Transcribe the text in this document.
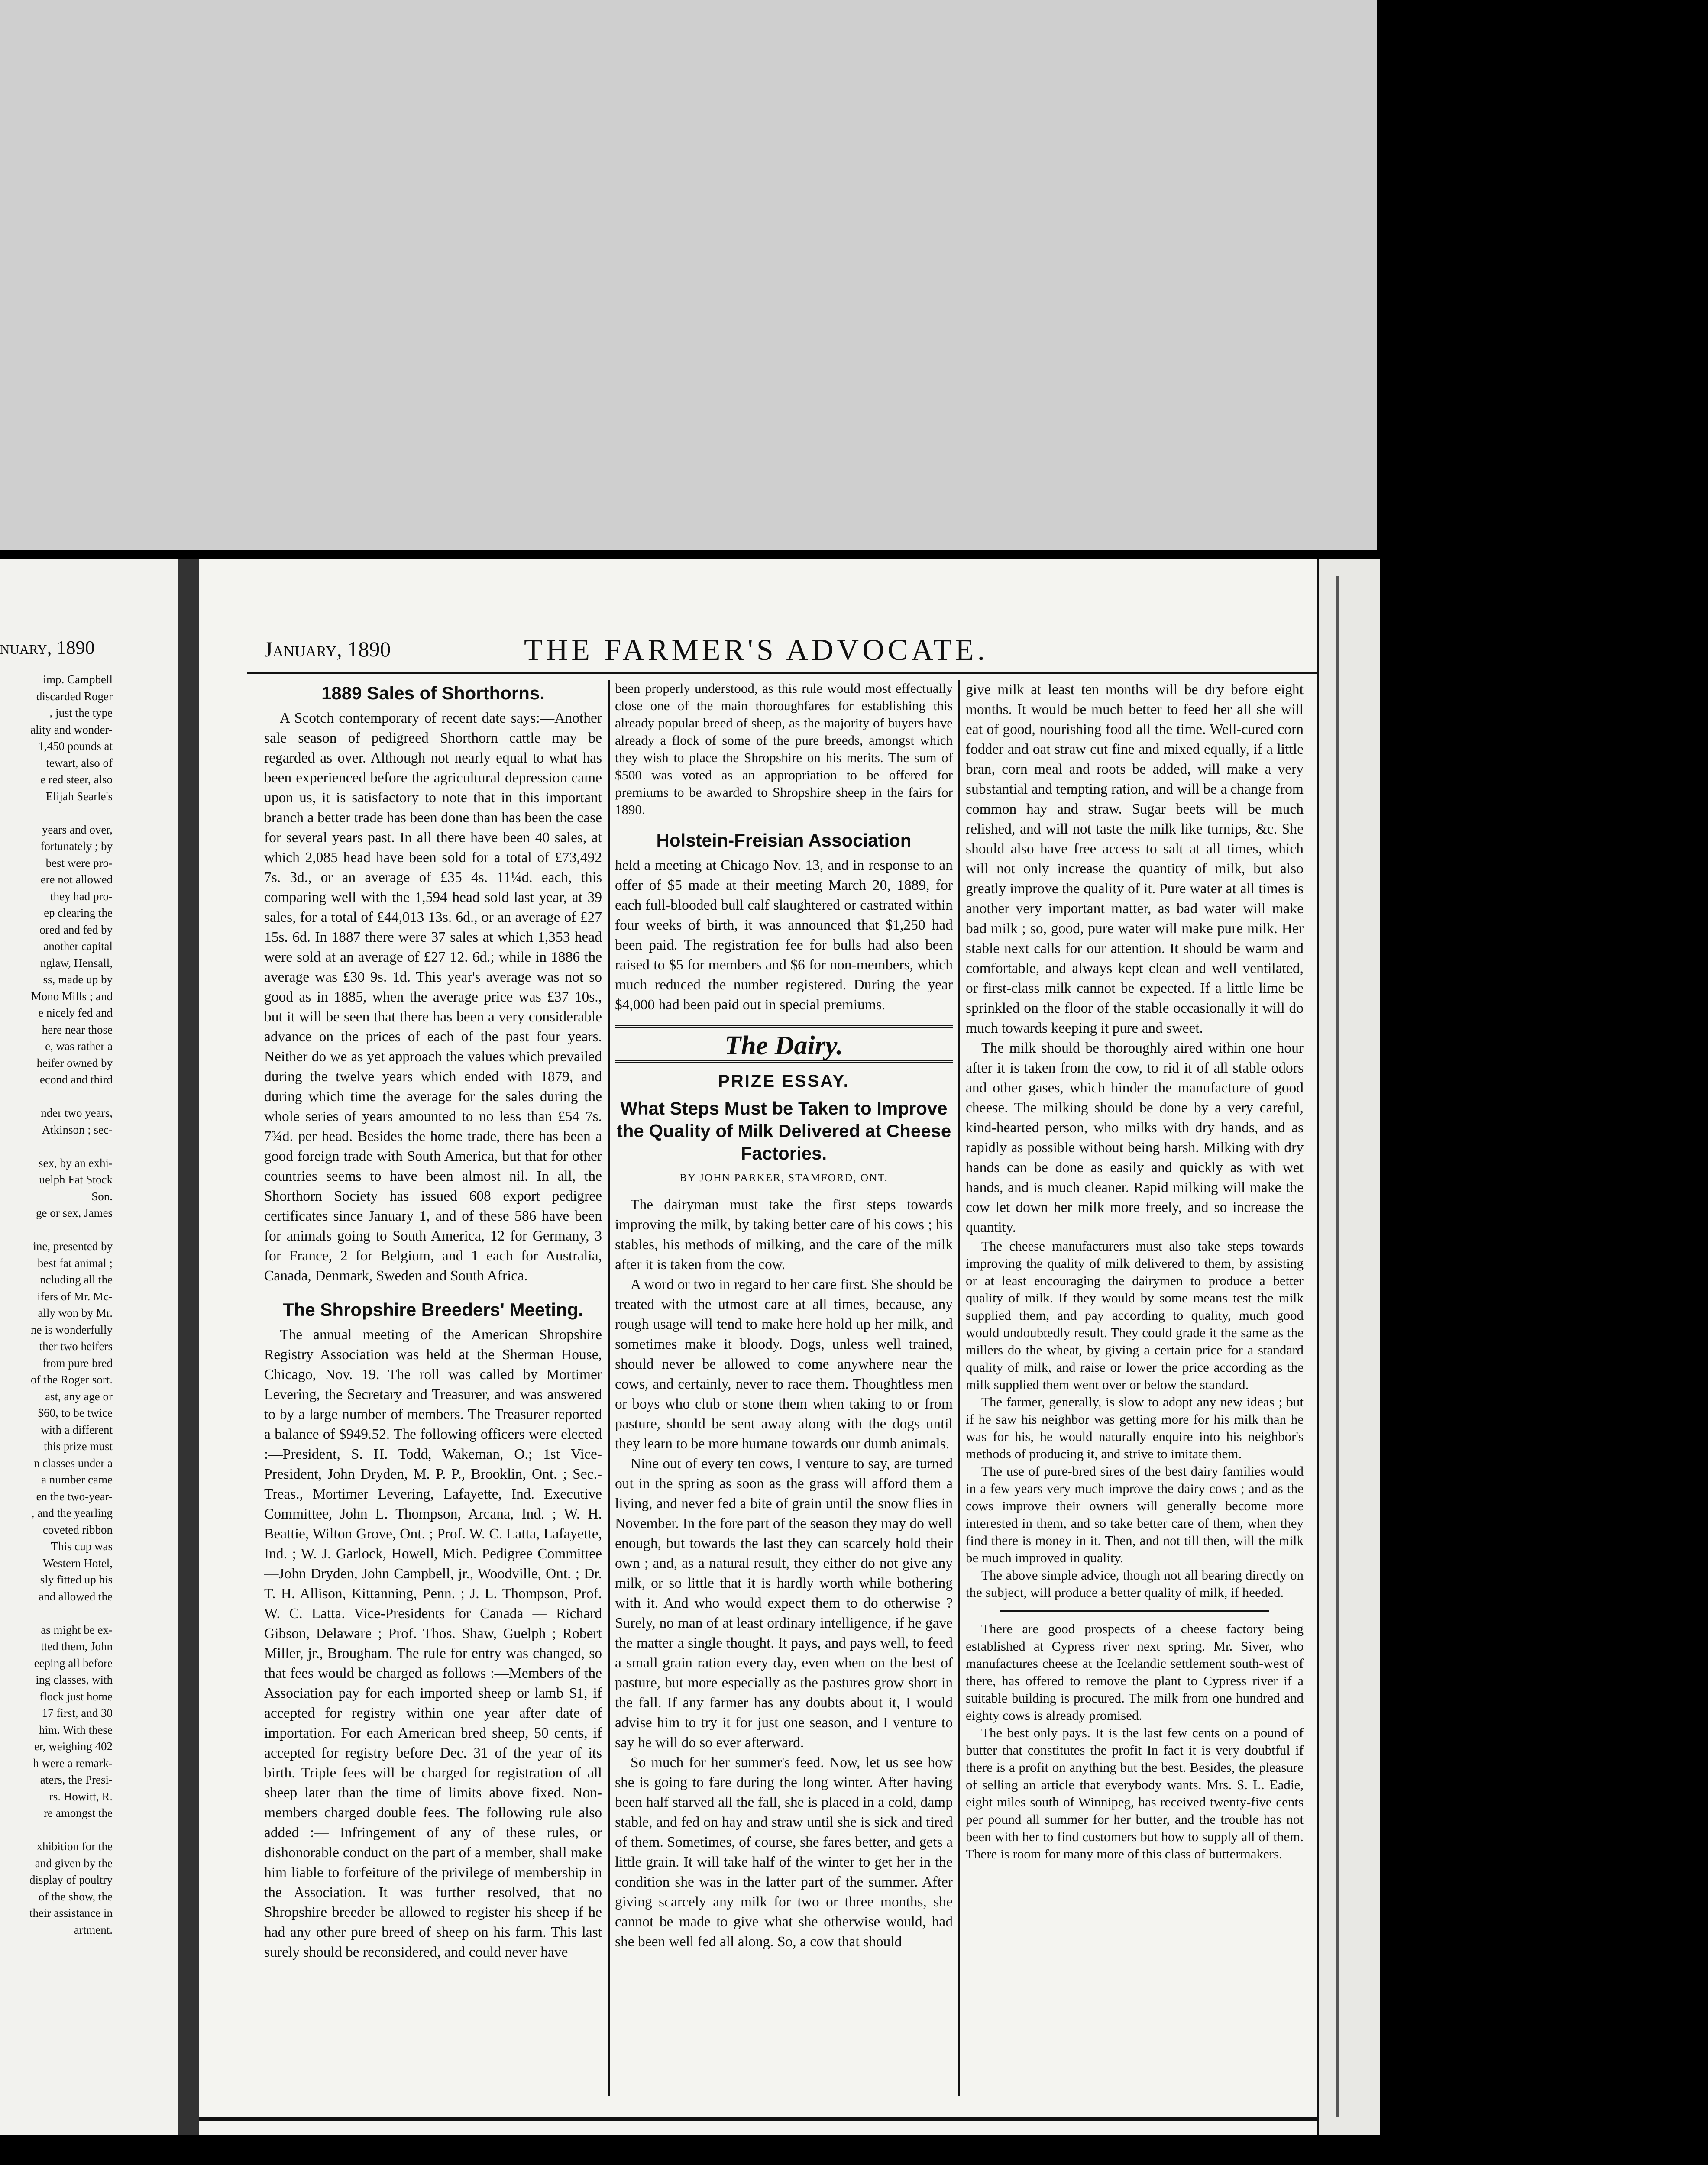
nuary, 1890
imp. Campbell
discarded Roger
, just the type
ality and wonder-
1,450 pounds at
tewart, also of
e red steer, also
Elijah Searle's
years and over,
fortunately ; by
best were pro-
ere not allowed
they had pro-
ep clearing the
ored and fed by
another capital
nglaw, Hensall,
ss, made up by
Mono Mills ; and
e nicely fed and
here near those
e, was rather a
heifer owned by
econd and third
nder two years,
Atkinson ; sec-
sex, by an exhi-
uelph Fat Stock
Son.
ge or sex, James
ine, presented by
best fat animal ;
ncluding all the
ifers of Mr. Mc-
ally won by Mr.
ne is wonderfully
ther two heifers
from pure bred
of the Roger sort.
ast, any age or
$60, to be twice
with a different
this prize must
n classes under a
a number came
en the two-year-
, and the yearling
coveted ribbon
This cup was
Western Hotel,
sly fitted up his
and allowed the
as might be ex-
tted them, John
eeping all before
ing classes, with
flock just home
17 first, and 30
him. With these
er, weighing 402
h were a remark-
aters, the Presi-
rs. Howitt, R.
re amongst the
xhibition for the
and given by the
display of poultry
of the show, the
their assistance in
artment.
January, 1890	THE FARMER'S ADVOCATE.
1889 Sales of Shorthorns.

A Scotch contemporary of recent date says:—Another sale season of pedigreed Shorthorn cattle may be regarded as over. Although not nearly equal to what has been experienced before the agricultural depression came upon us, it is satisfactory to note that in this important branch a better trade has been done than has been the case for several years past. In all there have been 40 sales, at which 2,085 head have been sold for a total of £73,492 7s. 3d., or an average of £35 4s. 11¼d. each, this comparing well with the 1,594 head sold last year, at 39 sales, for a total of £44,013 13s. 6d., or an average of £27 15s. 6d. In 1887 there were 37 sales at which 1,353 head were sold at an average of £27 12. 6d.; while in 1886 the average was £30 9s. 1d. This year's average was not so good as in 1885, when the average price was £37 10s., but it will be seen that there has been a very considerable advance on the prices of each of the past four years. Neither do we as yet approach the values which prevailed during the twelve years which ended with 1879, and during which time the average for the sales during the whole series of years amounted to no less than £54 7s. 7¾d. per head. Besides the home trade, there has been a good foreign trade with South America, but that for other countries seems to have been almost nil. In all, the Shorthorn Society has issued 608 export pedigree certificates since January 1, and of these 586 have been for animals going to South America, 12 for Germany, 3 for France, 2 for Belgium, and 1 each for Australia, Canada, Denmark, Sweden and South Africa.

The Shropshire Breeders' Meeting.

The annual meeting of the American Shropshire Registry Association was held at the Sherman House, Chicago, Nov. 19. The roll was called by Mortimer Levering, the Secretary and Treasurer, and was answered to by a large number of members. The Treasurer reported a balance of $949.52. The following officers were elected :—President, S. H. Todd, Wakeman, O.; 1st Vice-President, John Dryden, M. P. P., Brooklin, Ont. ; Sec.-Treas., Mortimer Levering, Lafayette, Ind. Executive Committee, John L. Thompson, Arcana, Ind. ; W. H. Beattie, Wilton Grove, Ont. ; Prof. W. C. Latta, Lafayette, Ind. ; W. J. Garlock, Howell, Mich. Pedigree Committee—John Dryden, John Campbell, jr., Woodville, Ont. ; Dr. T. H. Allison, Kittanning, Penn. ; J. L. Thompson, Prof. W. C. Latta. Vice-Presidents for Canada — Richard Gibson, Delaware ; Prof. Thos. Shaw, Guelph ; Robert Miller, jr., Brougham. The rule for entry was changed, so that fees would be charged as follows :—Members of the Association pay for each imported sheep or lamb $1, if accepted for registry within one year after date of importation. For each American bred sheep, 50 cents, if accepted for registry before Dec. 31 of the year of its birth. Triple fees will be charged for registration of all sheep later than the time of limits above fixed. Non-members charged double fees. The following rule also added :— Infringement of any of these rules, or dishonorable conduct on the part of a member, shall make him liable to forfeiture of the privilege of membership in the Association. It was further resolved, that no Shropshire breeder be allowed to register his sheep if he had any other pure breed of sheep on his farm. This last surely should be reconsidered, and could never have

been properly understood, as this rule would most effectually close one of the main thoroughfares for establishing this already popular breed of sheep, as the majority of buyers have already a flock of some of the pure breeds, amongst which they wish to place the Shropshire on his merits. The sum of $500 was voted as an appropriation to be offered for premiums to be awarded to Shropshire sheep in the fairs for 1890.

Holstein-Freisian Association

held a meeting at Chicago Nov. 13, and in response to an offer of $5 made at their meeting March 20, 1889, for each full-blooded bull calf slaughtered or castrated within four weeks of birth, it was announced that $1,250 had been paid. The registration fee for bulls had also been raised to $5 for members and $6 for non-members, which much reduced the number registered. During the year $4,000 had been paid out in special premiums.

The Dairy.
PRIZE ESSAY.
What Steps Must be Taken to Improve the Quality of Milk Delivered at Cheese Factories.
BY JOHN PARKER, STAMFORD, ONT.

The dairyman must take the first steps towards improving the milk, by taking better care of his cows ; his stables, his methods of milking, and the care of the milk after it is taken from the cow.

A word or two in regard to her care first. She should be treated with the utmost care at all times, because, any rough usage will tend to make here hold up her milk, and sometimes make it bloody. Dogs, unless well trained, should never be allowed to come anywhere near the cows, and certainly, never to race them. Thoughtless men or boys who club or stone them when taking to or from pasture, should be sent away along with the dogs until they learn to be more humane towards our dumb animals.

Nine out of every ten cows, I venture to say, are turned out in the spring as soon as the grass will afford them a living, and never fed a bite of grain until the snow flies in November. In the fore part of the season they may do well enough, but towards the last they can scarcely hold their own ; and, as a natural result, they either do not give any milk, or so little that it is hardly worth while bothering with it. And who would expect them to do otherwise ? Surely, no man of at least ordinary intelligence, if he gave the matter a single thought. It pays, and pays well, to feed a small grain ration every day, even when on the best of pasture, but more especially as the pastures grow short in the fall. If any farmer has any doubts about it, I would advise him to try it for just one season, and I venture to say he will do so ever afterward.

So much for her summer's feed. Now, let us see how she is going to fare during the long winter. After having been half starved all the fall, she is placed in a cold, damp stable, and fed on hay and straw until she is sick and tired of them. Sometimes, of course, she fares better, and gets a little grain. It will take half of the winter to get her in the condition she was in the latter part of the summer. After giving scarcely any milk for two or three months, she cannot be made to give what she otherwise would, had she been well fed all along. So, a cow that should

give milk at least ten months will be dry before eight months. It would be much better to feed her all she will eat of good, nourishing food all the time. Well-cured corn fodder and oat straw cut fine and mixed equally, if a little bran, corn meal and roots be added, will make a very substantial and tempting ration, and will be a change from common hay and straw. Sugar beets will be much relished, and will not taste the milk like turnips, &c. She should also have free access to salt at all times, which will not only increase the quantity of milk, but also greatly improve the quality of it. Pure water at all times is another very important matter, as bad water will make bad milk ; so, good, pure water will make pure milk. Her stable next calls for our attention. It should be warm and comfortable, and always kept clean and well ventilated, or first-class milk cannot be expected. If a little lime be sprinkled on the floor of the stable occasionally it will do much towards keeping it pure and sweet.

The milk should be thoroughly aired within one hour after it is taken from the cow, to rid it of all stable odors and other gases, which hinder the manufacture of good cheese. The milking should be done by a very careful, kind-hearted person, who milks with dry hands, and as rapidly as possible without being harsh. Milking with dry hands can be done as easily and quickly as with wet hands, and is much cleaner. Rapid milking will make the cow let down her milk more freely, and so increase the quantity.

The cheese manufacturers must also take steps towards improving the quality of milk delivered to them, by assisting or at least encouraging the dairymen to produce a better quality of milk. If they would by some means test the milk supplied them, and pay according to quality, much good would undoubtedly result. They could grade it the same as the millers do the wheat, by giving a certain price for a standard quality of milk, and raise or lower the price according as the milk supplied them went over or below the standard.

The farmer, generally, is slow to adopt any new ideas ; but if he saw his neighbor was getting more for his milk than he was for his, he would naturally enquire into his neighbor's methods of producing it, and strive to imitate them.

The use of pure-bred sires of the best dairy families would in a few years very much improve the dairy cows ; and as the cows improve their owners will generally become more interested in them, and so take better care of them, when they find there is money in it. Then, and not till then, will the milk be much improved in quality.

The above simple advice, though not all bearing directly on the subject, will produce a better quality of milk, if heeded.

There are good prospects of a cheese factory being established at Cypress river next spring. Mr. Siver, who manufactures cheese at the Icelandic settlement south-west of there, has offered to remove the plant to Cypress river if a suitable building is procured. The milk from one hundred and eighty cows is already promised.

The best only pays. It is the last few cents on a pound of butter that constitutes the profit In fact it is very doubtful if there is a profit on anything but the best. Besides, the pleasure of selling an article that everybody wants. Mrs. S. L. Eadie, eight miles south of Winnipeg, has received twenty-five cents per pound all summer for her butter, and the trouble has not been with her to find customers but how to supply all of them. There is room for many more of this class of buttermakers.
